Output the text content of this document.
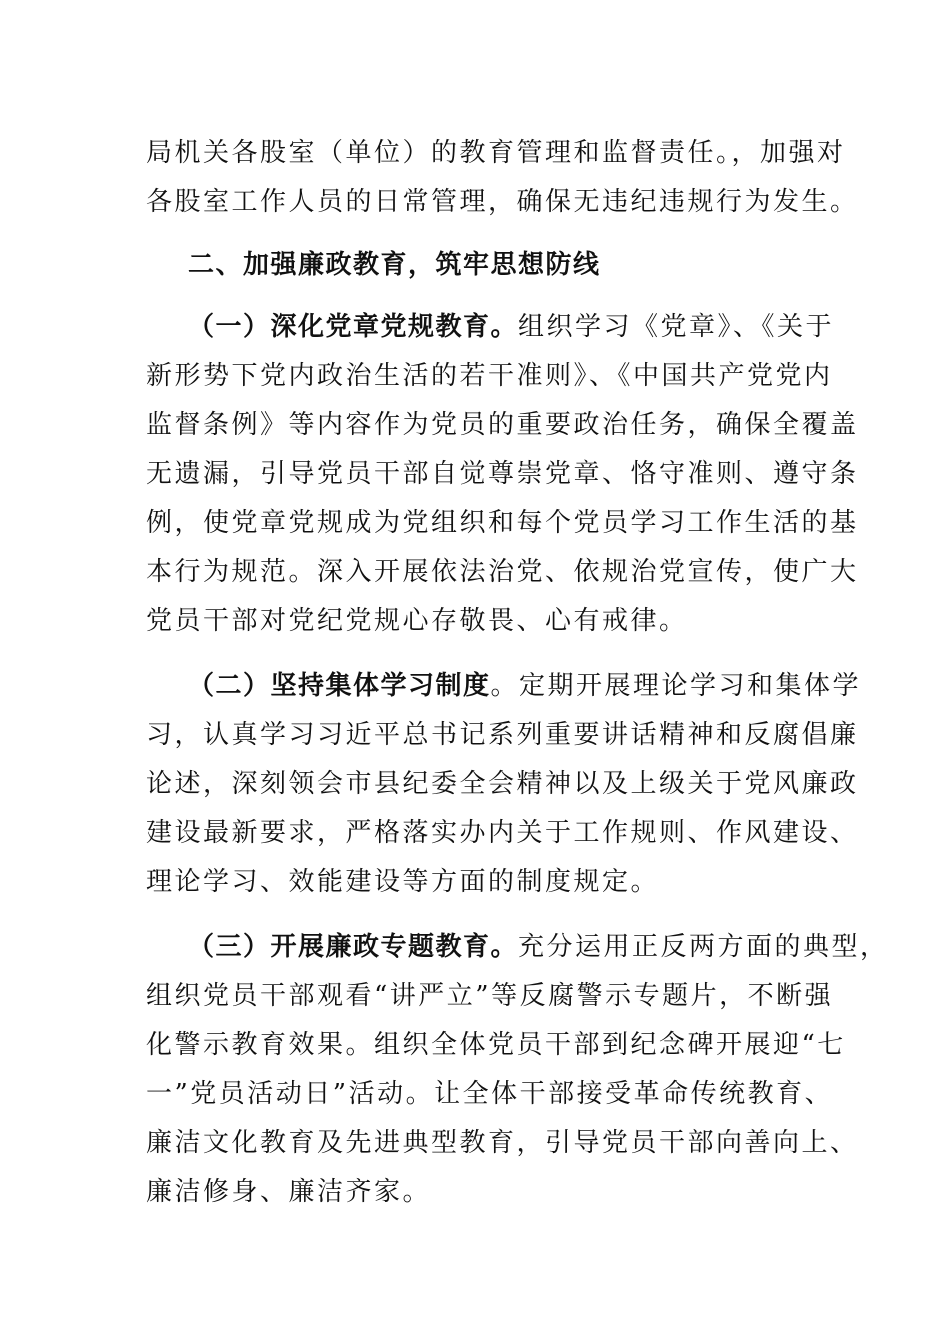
局机关各股室（单位）的教育管理和监督责任。，加强对
各股室工作人员的日常管理，确保无违纪违规行为发生。
二、加强廉政教育，筑牢思想防线
（一）深化党章党规教育。组织学习《党章》、《关于
新形势下党内政治生活的若干准则》、《中国共产党党内
监督条例》等内容作为党员的重要政治任务，确保全覆盖
无遗漏，引导党员干部自觉尊崇党章、恪守准则、遵守条
例，使党章党规成为党组织和每个党员学习工作生活的基
本行为规范。深入开展依法治党、依规治党宣传，使广大
党员干部对党纪党规心存敬畏、心有戒律。
（二）坚持集体学习制度。定期开展理论学习和集体学
习，认真学习习近平总书记系列重要讲话精神和反腐倡廉
论述，深刻领会市县纪委全会精神以及上级关于党风廉政
建设最新要求，严格落实办内关于工作规则、作风建设、
理论学习、效能建设等方面的制度规定。
（三）开展廉政专题教育。充分运用正反两方面的典型，
组织党员干部观看“讲严立”等反腐警示专题片，不断强
化警示教育效果。组织全体党员干部到纪念碑开展迎“七
一”党员活动日”活动。让全体干部接受革命传统教育、
廉洁文化教育及先进典型教育，引导党员干部向善向上、
廉洁修身、廉洁齐家。
